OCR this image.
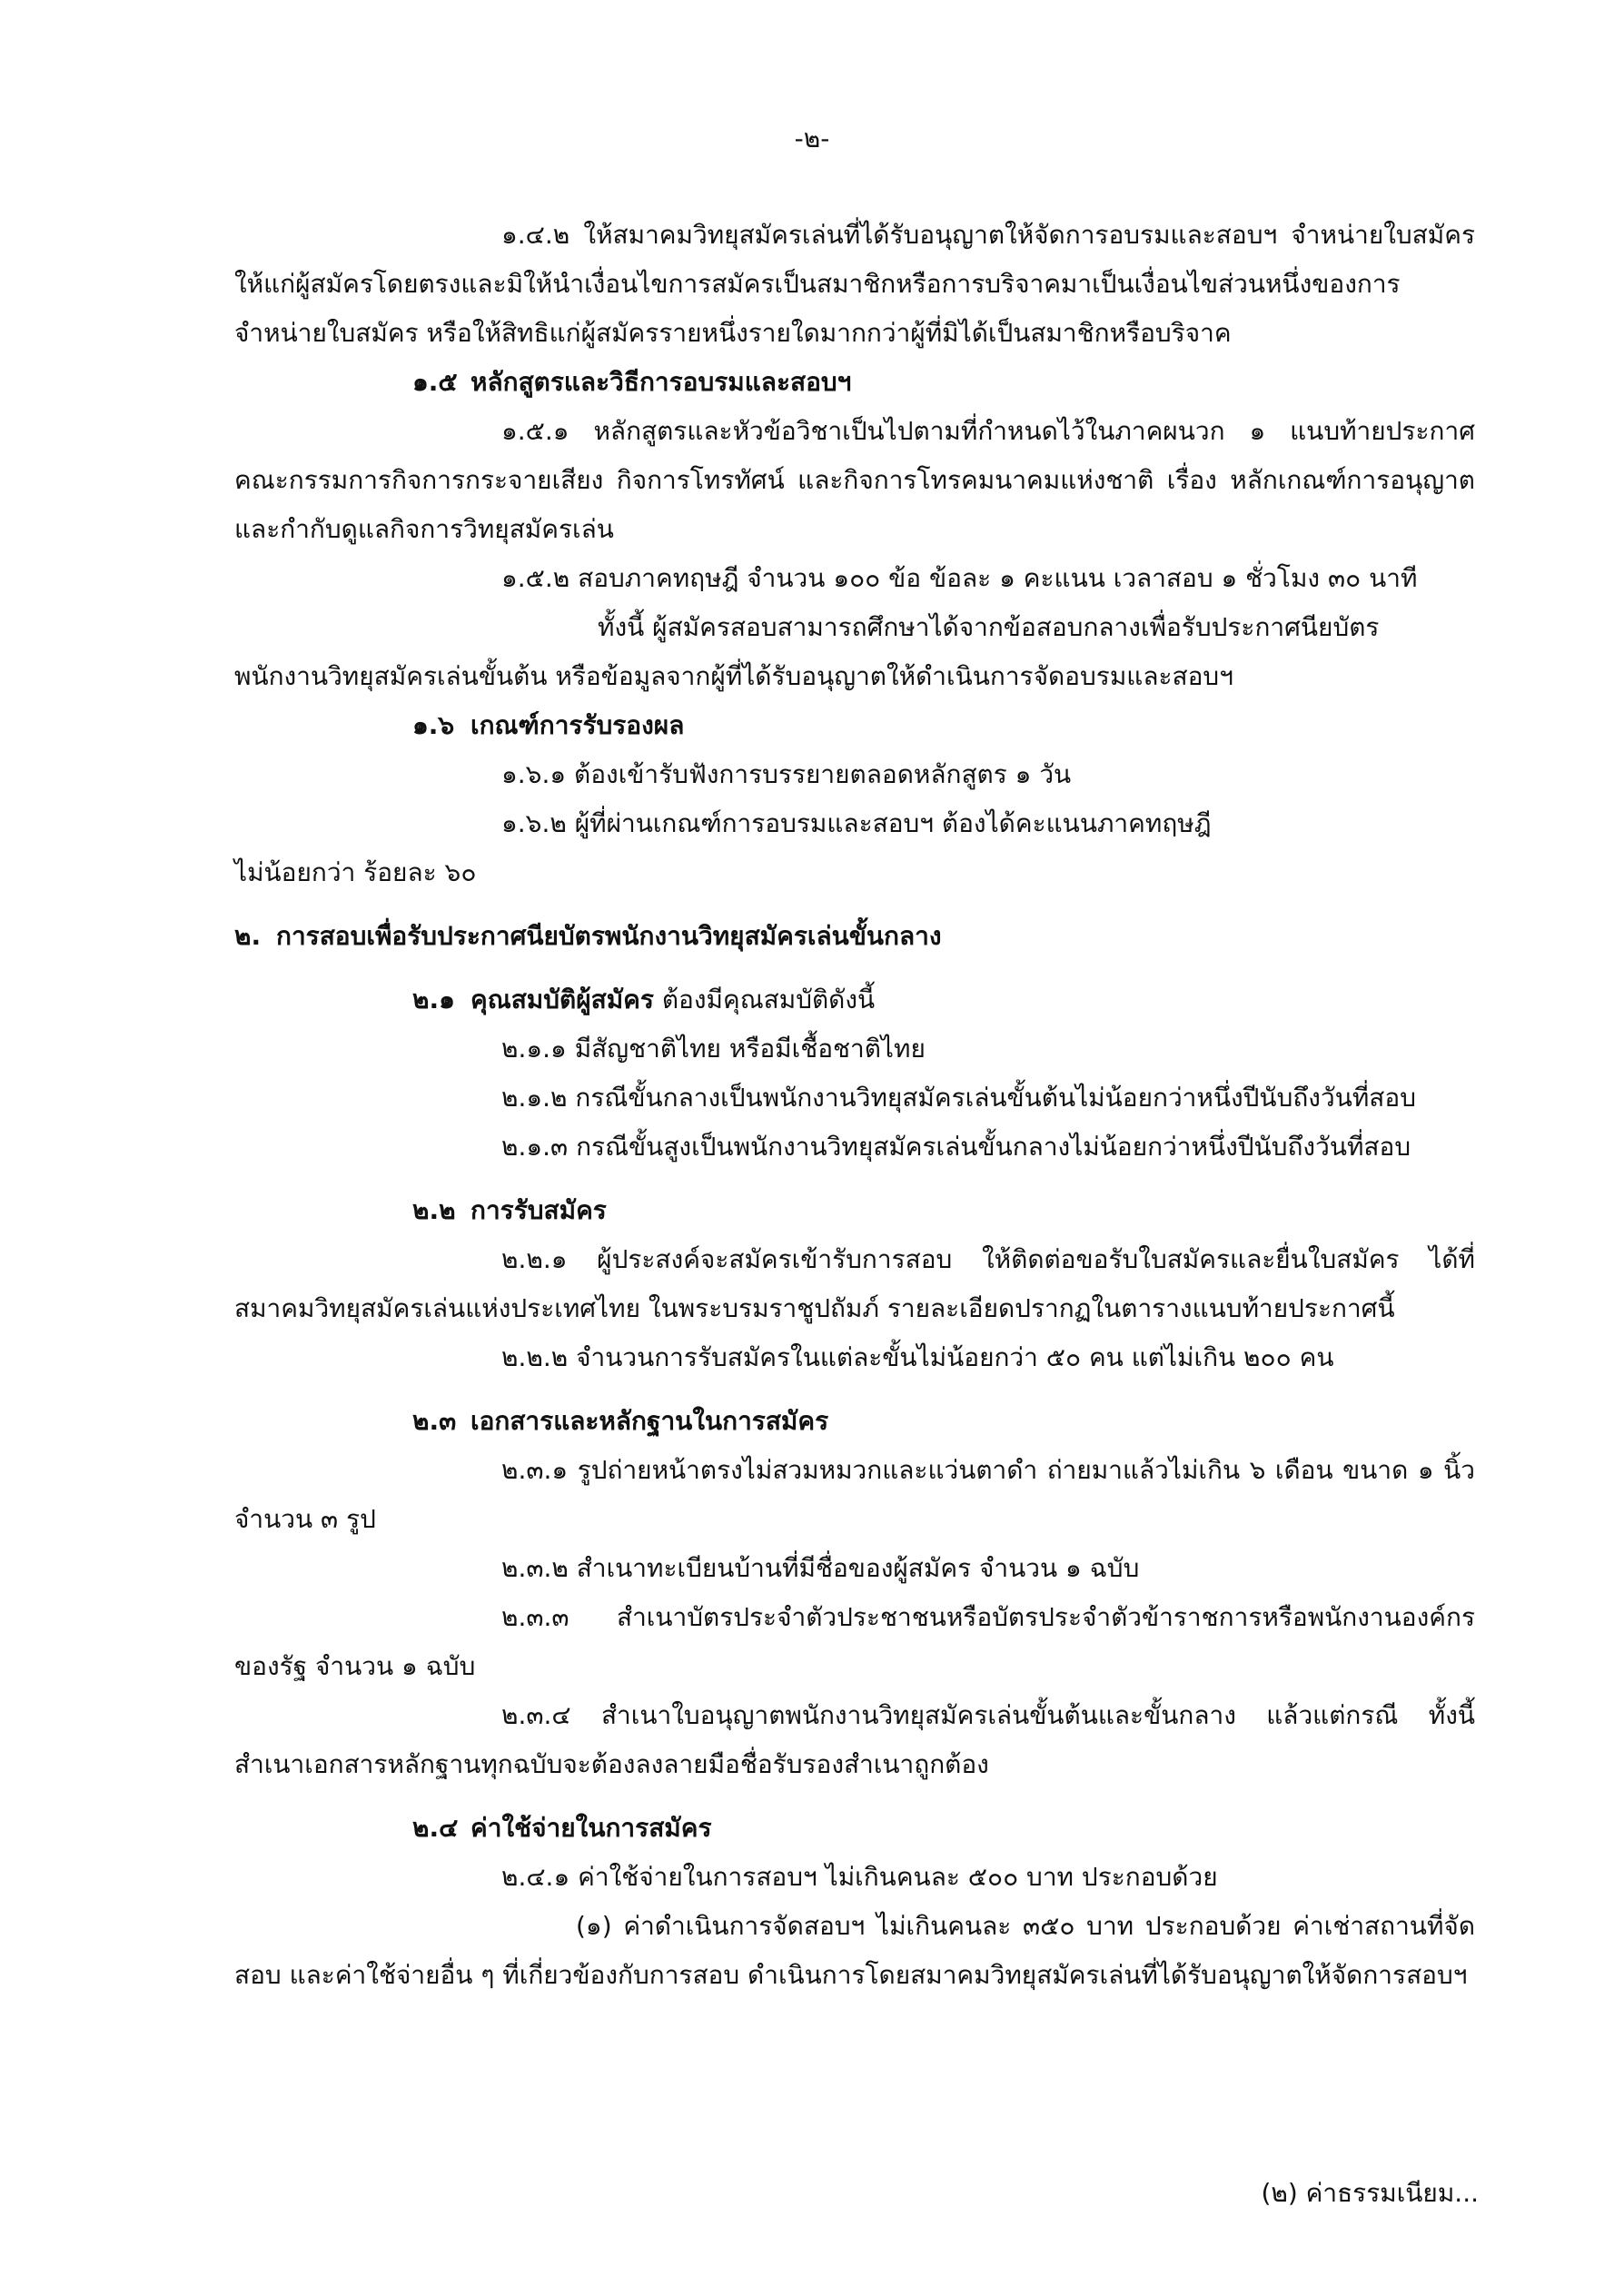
-๒-

๑.๔.๒ ให้สมาคมวิทยุสมัครเล่นที่ได้รับอนุญาตให้จัดการอบรมและสอบฯ จำหน่ายใบสมัครให้แก่ผู้สมัครโดยตรงและมิให้นำเงื่อนไขการสมัครเป็นสมาชิกหรือการบริจาคมาเป็นเงื่อนไขส่วนหนึ่งของการจำหน่ายใบสมัคร หรือให้สิทธิแก่ผู้สมัครรายหนึ่งรายใดมากกว่าผู้ที่มิได้เป็นสมาชิกหรือบริจาค

๑.๕ หลักสูตรและวิธีการอบรมและสอบฯ

๑.๕.๑ หลักสูตรและหัวข้อวิชาเป็นไปตามที่กำหนดไว้ในภาคผนวก ๑ แนบท้ายประกาศคณะกรรมการกิจการกระจายเสียง กิจการโทรทัศน์ และกิจการโทรคมนาคมแห่งชาติ เรื่อง หลักเกณฑ์การอนุญาตและกำกับดูแลกิจการวิทยุสมัครเล่น

๑.๕.๒ สอบภาคทฤษฎี จำนวน ๑๐๐ ข้อ ข้อละ ๑ คะแนน เวลาสอบ ๑ ชั่วโมง ๓๐ นาที

ทั้งนี้ ผู้สมัครสอบสามารถศึกษาได้จากข้อสอบกลางเพื่อรับประกาศนียบัตร

พนักงานวิทยุสมัครเล่นขั้นต้น หรือข้อมูลจากผู้ที่ได้รับอนุญาตให้ดำเนินการจัดอบรมและสอบฯ

๑.๖ เกณฑ์การรับรองผล

๑.๖.๑ ต้องเข้ารับฟังการบรรยายตลอดหลักสูตร ๑ วัน

๑.๖.๒ ผู้ที่ผ่านเกณฑ์การอบรมและสอบฯ ต้องได้คะแนนภาคทฤษฎี

ไม่น้อยกว่า ร้อยละ ๖๐

๒. การสอบเพื่อรับประกาศนียบัตรพนักงานวิทยุสมัครเล่นขั้นกลาง

๒.๑ คุณสมบัติผู้สมัคร ต้องมีคุณสมบัติดังนี้

๒.๑.๑ มีสัญชาติไทย หรือมีเชื้อชาติไทย

๒.๑.๒ กรณีขั้นกลางเป็นพนักงานวิทยุสมัครเล่นขั้นต้นไม่น้อยกว่าหนึ่งปีนับถึงวันที่สอบ

๒.๑.๓ กรณีขั้นสูงเป็นพนักงานวิทยุสมัครเล่นขั้นกลางไม่น้อยกว่าหนึ่งปีนับถึงวันที่สอบ

๒.๒ การรับสมัคร

๒.๒.๑ ผู้ประสงค์จะสมัครเข้ารับการสอบ ให้ติดต่อขอรับใบสมัครและยื่นใบสมัคร ได้ที่สมาคมวิทยุสมัครเล่นแห่งประเทศไทย ในพระบรมราชูปถัมภ์ รายละเอียดปรากฏในตารางแนบท้ายประกาศนี้

๒.๒.๒ จำนวนการรับสมัครในแต่ละขั้นไม่น้อยกว่า ๕๐ คน แต่ไม่เกิน ๒๐๐ คน

๒.๓ เอกสารและหลักฐานในการสมัคร

๒.๓.๑ รูปถ่ายหน้าตรงไม่สวมหมวกและแว่นตาดำ ถ่ายมาแล้วไม่เกิน ๖ เดือน ขนาด ๑ นิ้ว จำนวน ๓ รูป

๒.๓.๒ สำเนาทะเบียนบ้านที่มีชื่อของผู้สมัคร จำนวน ๑ ฉบับ

๒.๓.๓ สำเนาบัตรประจำตัวประชาชนหรือบัตรประจำตัวข้าราชการหรือพนักงานองค์กร ของรัฐ จำนวน ๑ ฉบับ

๒.๓.๔ สำเนาใบอนุญาตพนักงานวิทยุสมัครเล่นขั้นต้นและขั้นกลาง แล้วแต่กรณี ทั้งนี้ สำเนาเอกสารหลักฐานทุกฉบับจะต้องลงลายมือชื่อรับรองสำเนาถูกต้อง

๒.๔ ค่าใช้จ่ายในการสมัคร

๒.๔.๑ ค่าใช้จ่ายในการสอบฯ ไม่เกินคนละ ๕๐๐ บาท ประกอบด้วย

(๑) ค่าดำเนินการจัดสอบฯ ไม่เกินคนละ ๓๕๐ บาท ประกอบด้วย ค่าเช่าสถานที่จัดสอบ และค่าใช้จ่ายอื่น ๆ ที่เกี่ยวข้องกับการสอบ ดำเนินการโดยสมาคมวิทยุสมัครเล่นที่ได้รับอนุญาตให้จัดการสอบฯ

(๒) ค่าธรรมเนียม...
